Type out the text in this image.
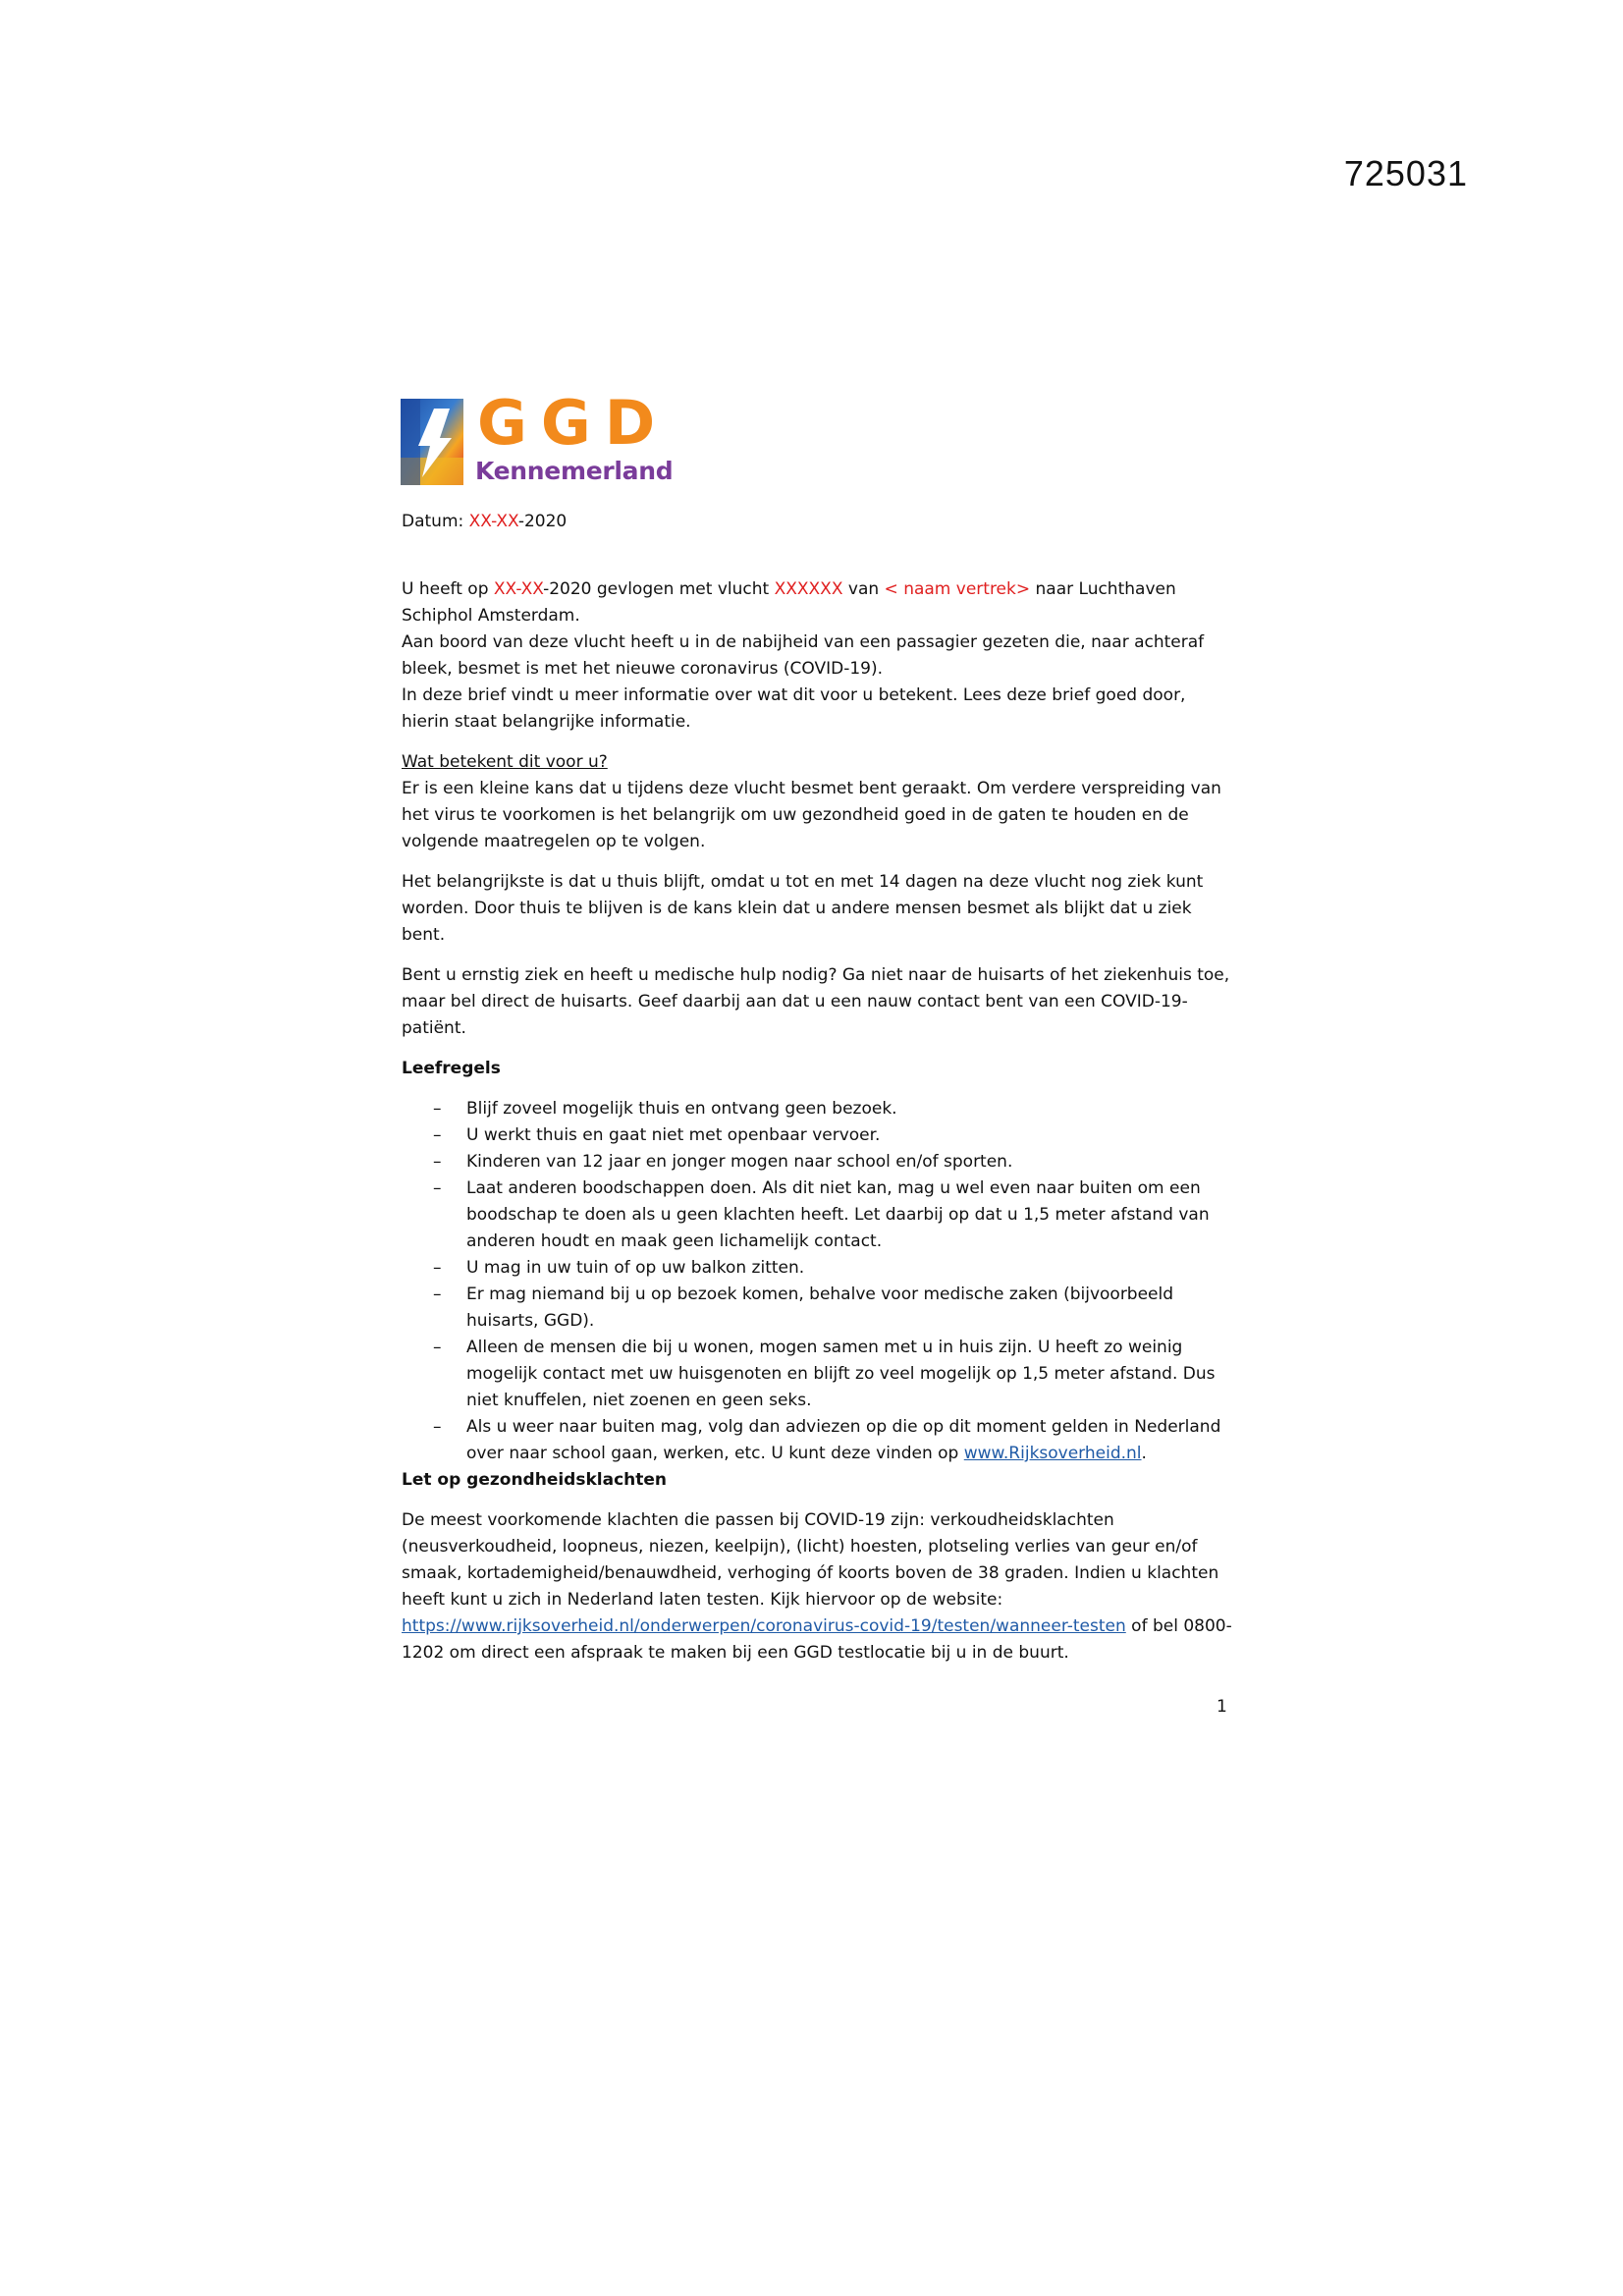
725031
GGD
Kennemerland

Datum: XX-XX-2020

U heeft op XX-XX-2020 gevlogen met vlucht XXXXXX van < naam vertrek> naar Luchthaven Schiphol Amsterdam.

Aan boord van deze vlucht heeft u in de nabijheid van een passagier gezeten die, naar achteraf bleek, besmet is met het nieuwe coronavirus (COVID-19).

In deze brief vindt u meer informatie over wat dit voor u betekent. Lees deze brief goed door, hierin staat belangrijke informatie.

Wat betekent dit voor u?

Er is een kleine kans dat u tijdens deze vlucht besmet bent geraakt. Om verdere verspreiding van het virus te voorkomen is het belangrijk om uw gezondheid goed in de gaten te houden en de volgende maatregelen op te volgen.

Het belangrijkste is dat u thuis blijft, omdat u tot en met 14 dagen na deze vlucht nog ziek kunt worden. Door thuis te blijven is de kans klein dat u andere mensen besmet als blijkt dat u ziek bent.

Bent u ernstig ziek en heeft u medische hulp nodig? Ga niet naar de huisarts of het ziekenhuis toe, maar bel direct de huisarts. Geef daarbij aan dat u een nauw contact bent van een COVID-19-patiënt.

Leefregels

– Blijf zoveel mogelijk thuis en ontvang geen bezoek.
– U werkt thuis en gaat niet met openbaar vervoer.
– Kinderen van 12 jaar en jonger mogen naar school en/of sporten.
– Laat anderen boodschappen doen. Als dit niet kan, mag u wel even naar buiten om een boodschap te doen als u geen klachten heeft. Let daarbij op dat u 1,5 meter afstand van anderen houdt en maak geen lichamelijk contact.
– U mag in uw tuin of op uw balkon zitten.
– Er mag niemand bij u op bezoek komen, behalve voor medische zaken (bijvoorbeeld huisarts, GGD).
– Alleen de mensen die bij u wonen, mogen samen met u in huis zijn. U heeft zo weinig mogelijk contact met uw huisgenoten en blijft zo veel mogelijk op 1,5 meter afstand. Dus niet knuffelen, niet zoenen en geen seks.
– Als u weer naar buiten mag, volg dan adviezen op die op dit moment gelden in Nederland over naar school gaan, werken, etc. U kunt deze vinden op www.Rijksoverheid.nl.

Let op gezondheidsklachten

De meest voorkomende klachten die passen bij COVID-19 zijn: verkoudheidsklachten (neusverkoudheid, loopneus, niezen, keelpijn), (licht) hoesten, plotseling verlies van geur en/of smaak, kortademigheid/benauwdheid, verhoging óf koorts boven de 38 graden. Indien u klachten heeft kunt u zich in Nederland laten testen. Kijk hiervoor op de website: https://www.rijksoverheid.nl/onderwerpen/coronavirus-covid-19/testen/wanneer-testen of bel 0800-1202 om direct een afspraak te maken bij een GGD testlocatie bij u in de buurt.

1
